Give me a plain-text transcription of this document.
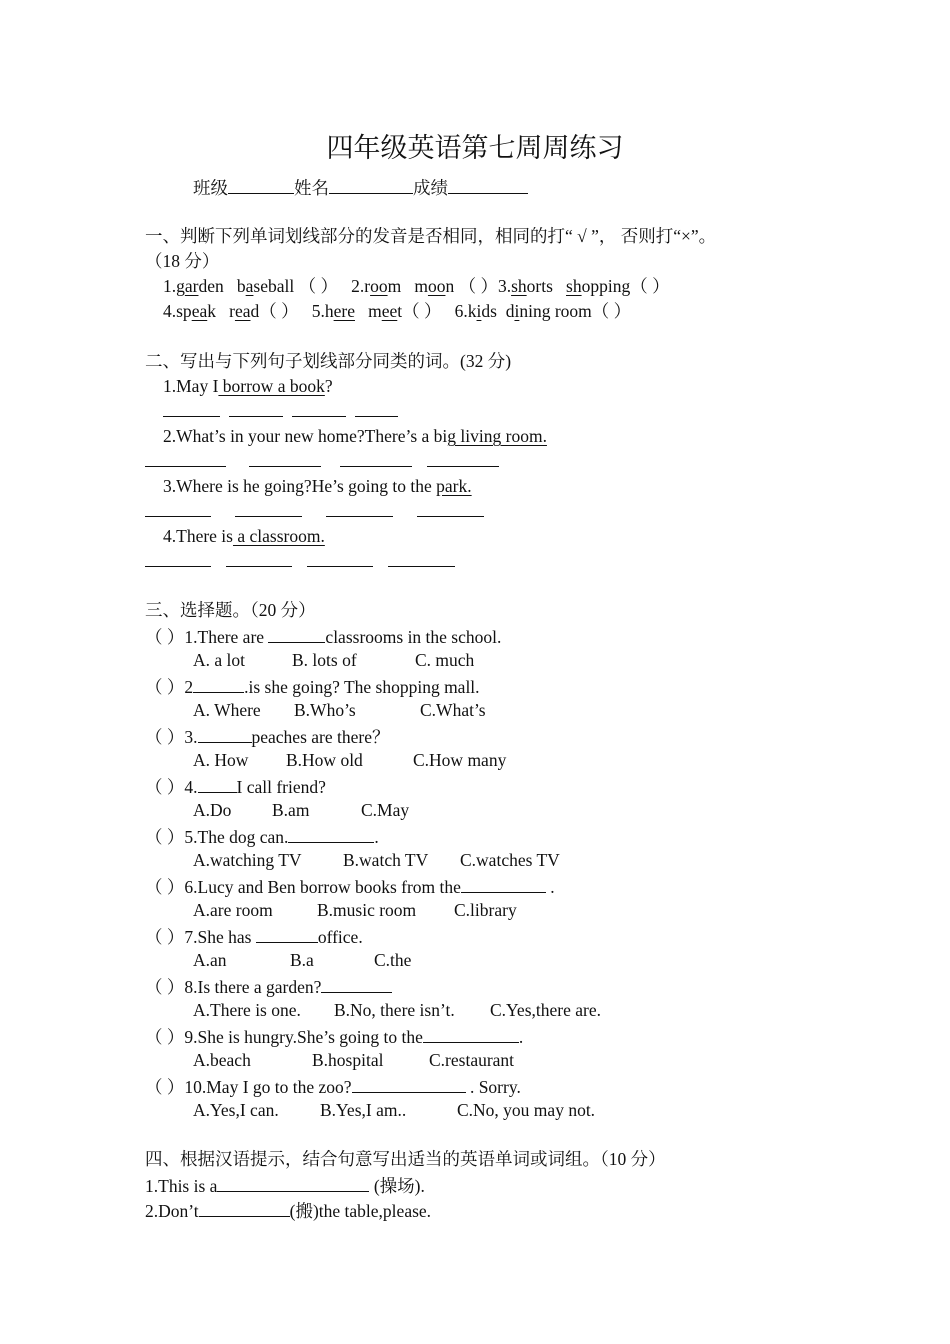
四年级英语第七周周练习
班级	姓名	成绩
一、判断下列单词划线部分的发音是否相同，相同的打“ √ ”， 否则打“×”。
（18 分）
1.garden baseball （ ） 2.room moon （ ）3.shorts shopping（ ）
4.speak read（ ） 5.here meet（ ） 6.kids dining room（ ）
二、写出与下列句子划线部分同类的词。(32 分)
1.May I borrow a book?
2.What’s in your new home?There’s a big living room.
3.Where is he going?He’s going to the park.
4.There is a classroom.
三、选择题。（20 分）
（ ）1.There are	classrooms in the school.
A. a lot	B. lots of	C. much
（ ）2	.is she going? The shopping mall.
A. Where B.Who’s	C.What’s
（ ）3.	peaches are there？
A. How B.How old	C.How many
（ ）4. I call friend?
A.Do B.am	C.May
（ ）5.The dog can.	.
A.watching TV B.watch TV C.watches TV
（ ）6.Lucy and Ben borrow books from the	.
A.are room	B.music room C.library
（ ）7.She has	office.
A.an	B.a	C.the
（ ）8.Is there a garden?
A.There is one. B.No, there isn’t. C.Yes,there are.
（ ）9.She is hungry.She’s going to the	.
A.beach	B.hospital	C.restaurant
（ ）10.May I go to the zoo?	. Sorry.
A.Yes,I can. B.Yes,I am..	C.No, you may not.
四、根据汉语提示，结合句意写出适当的英语单词或词组。（10 分）
1.This is a	(操场).
2.Don’t	(搬)the table,please.
